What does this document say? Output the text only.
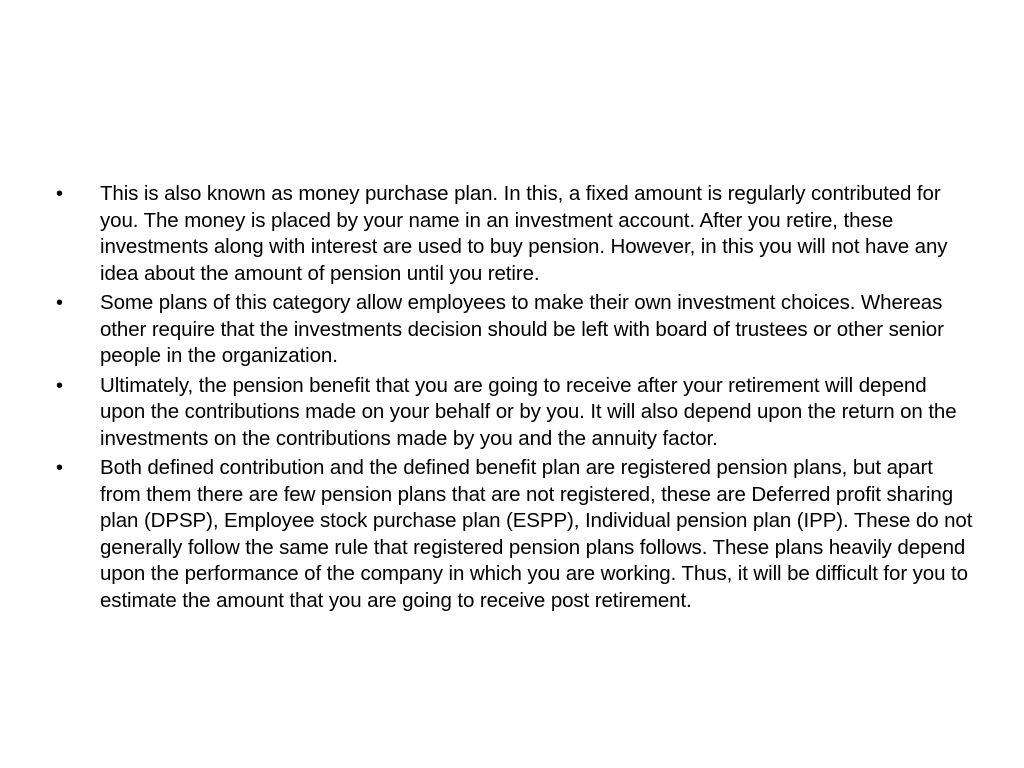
•	This is also known as money purchase plan. In this, a fixed amount is regularly contributed for you. The money is placed by your name in an investment account. After you retire, these investments along with interest are used to buy pension. However, in this you will not have any idea about the amount of pension until you retire.
•	Some plans of this category allow employees to make their own investment choices. Whereas other require that the investments decision should be left with board of trustees or other senior people in the organization.
•	Ultimately, the pension benefit that you are going to receive after your retirement will depend upon the contributions made on your behalf or by you. It will also depend upon the return on the investments on the contributions made by you and the annuity factor.
•	Both defined contribution and the defined benefit plan are registered pension plans, but apart from them there are few pension plans that are not registered, these are Deferred profit sharing plan (DPSP), Employee stock purchase plan (ESPP), Individual pension plan (IPP). These do not generally follow the same rule that registered pension plans follows. These plans heavily depend upon the performance of the company in which you are working. Thus, it will be difficult for you to estimate the amount that you are going to receive post retirement.
